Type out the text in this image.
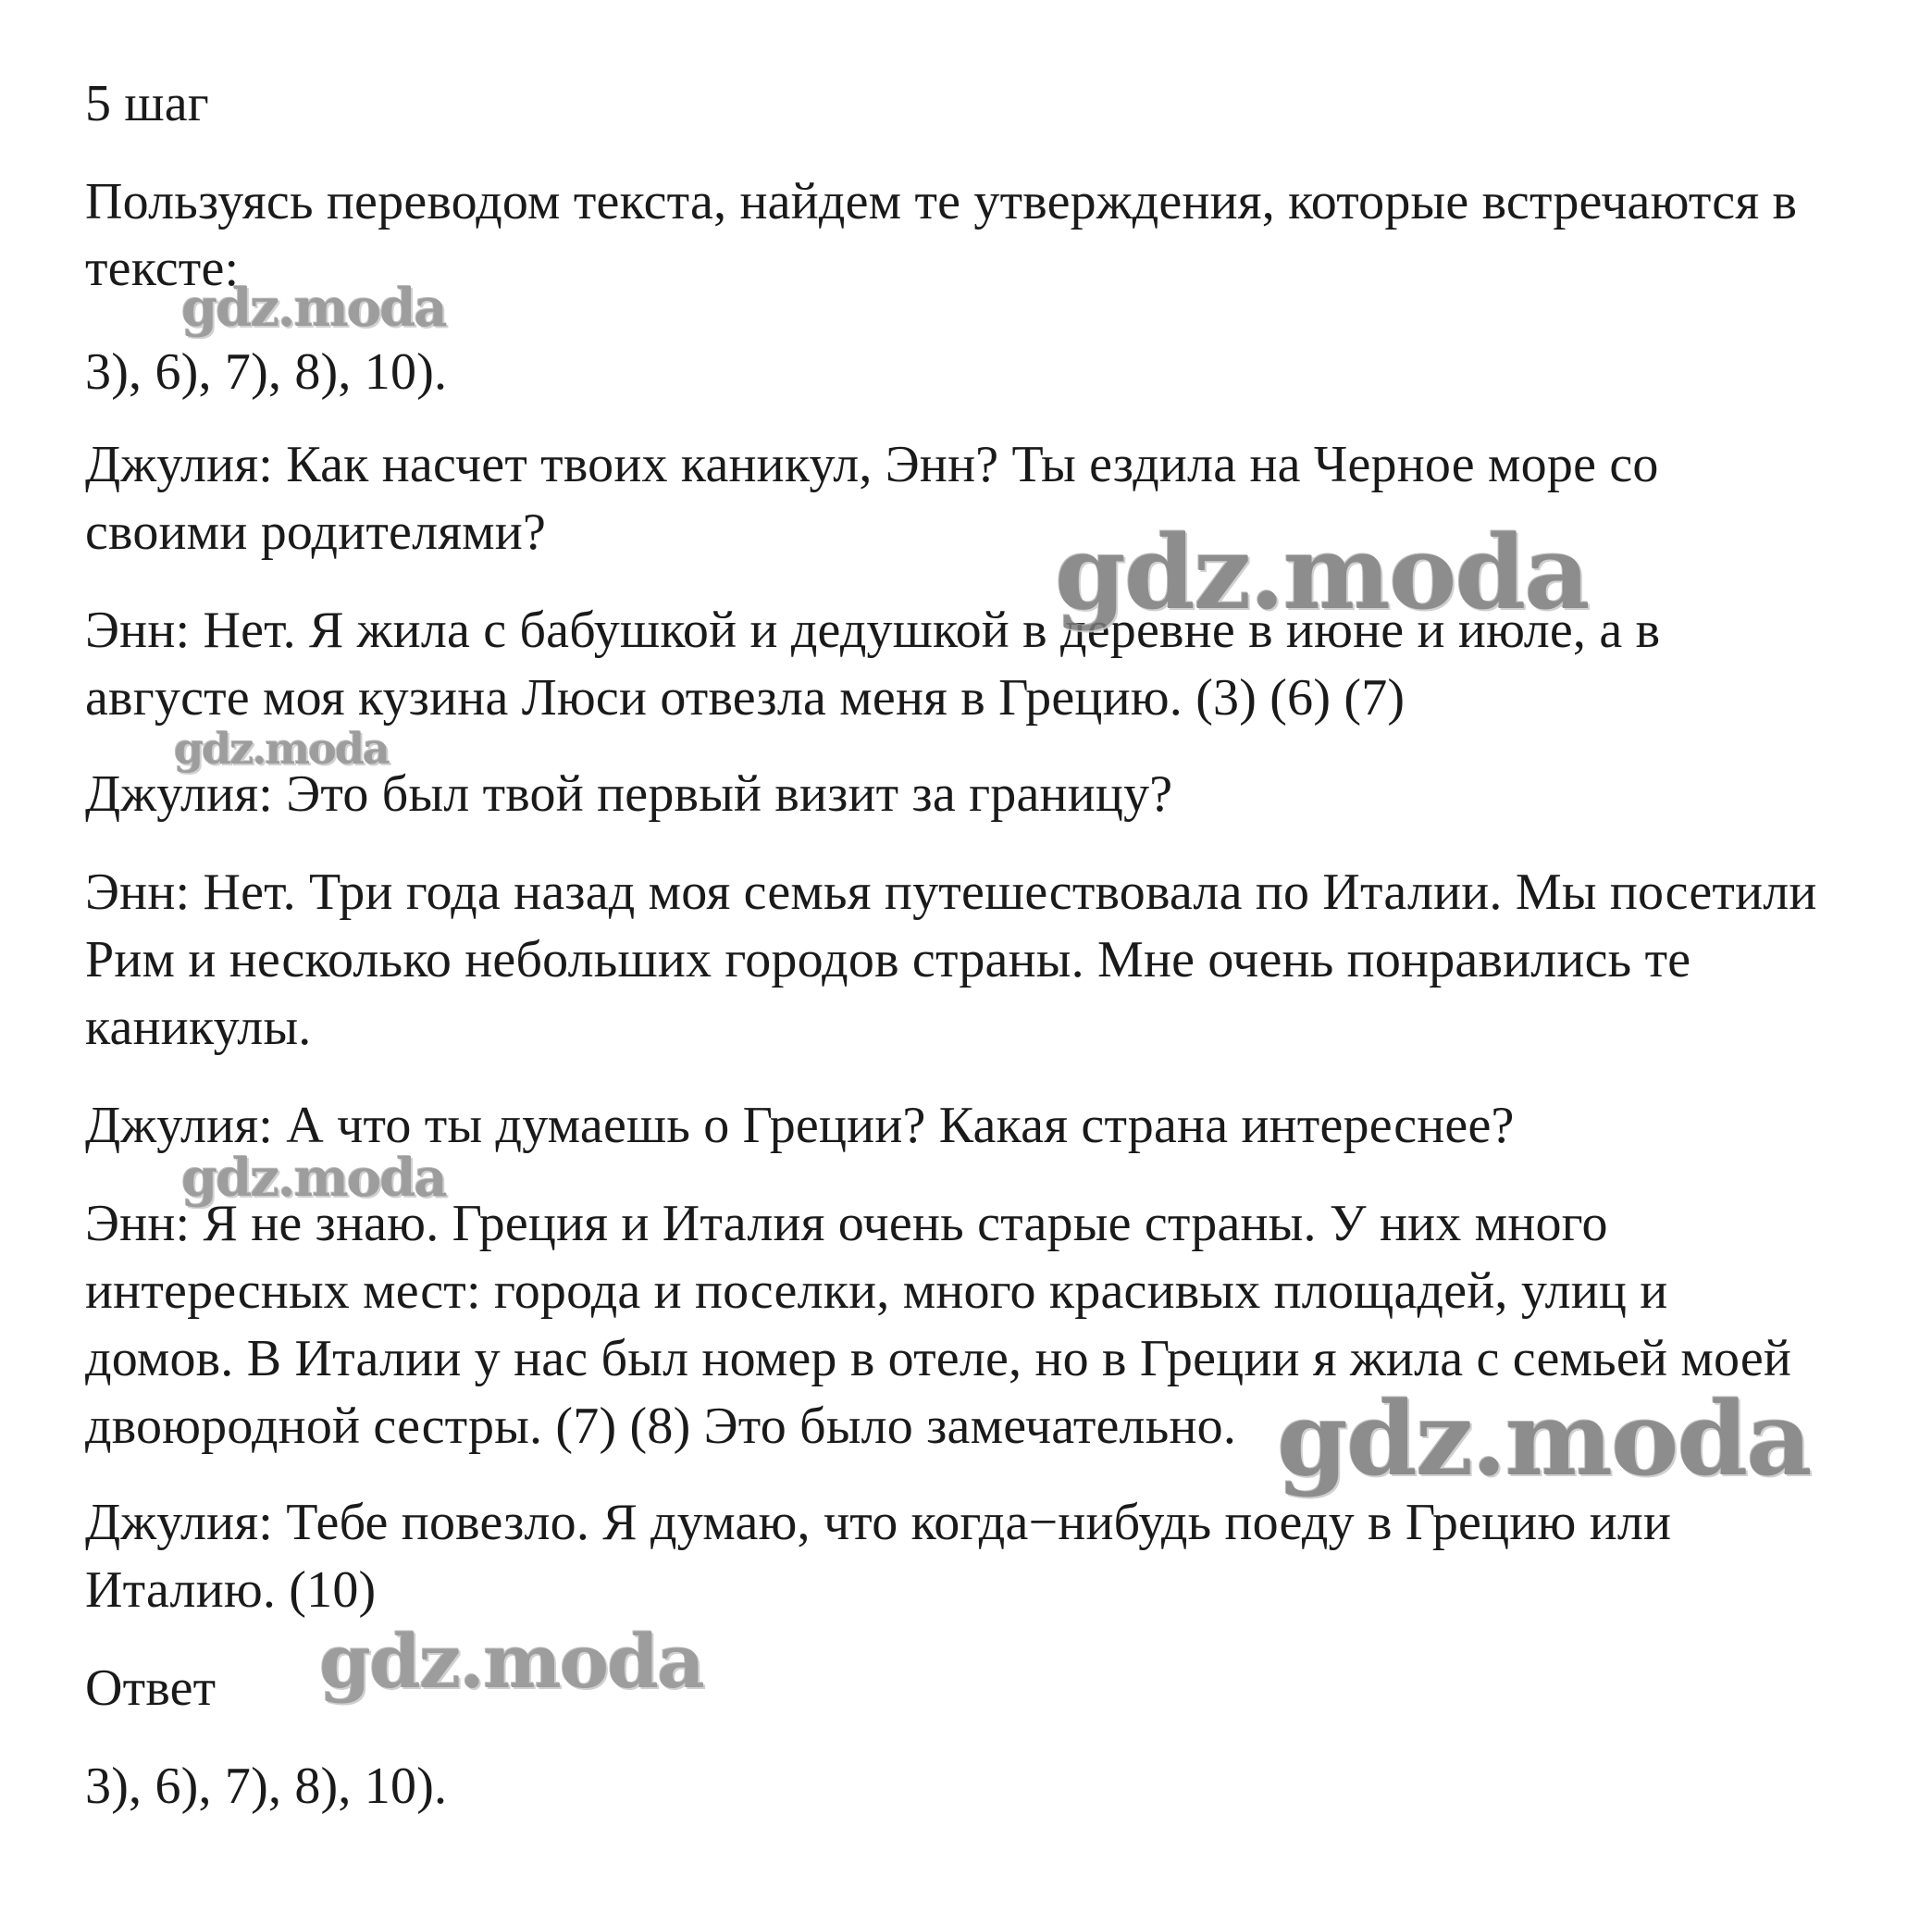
5 шаг
Пользуясь переводом текста, найдем те утверждения, которые встречаются в
тексте:
3), 6), 7), 8), 10).
Джулия: Как насчет твоих каникул, Энн? Ты ездила на Черное море со
своими родителями?
Энн: Нет. Я жила с бабушкой и дедушкой в деревне в июне и июле, а в
августе моя кузина Люси отвезла меня в Грецию. (3) (6) (7)
Джулия: Это был твой первый визит за границу?
Энн: Нет. Три года назад моя семья путешествовала по Италии. Мы посетили
Рим и несколько небольших городов страны. Мне очень понравились те
каникулы.
Джулия: А что ты думаешь о Греции? Какая страна интереснее?
Энн: Я не знаю. Греция и Италия очень старые страны. У них много
интересных мест: города и поселки, много красивых площадей, улиц и
домов. В Италии у нас был номер в отеле, но в Греции я жила с семьей моей
двоюродной сестры. (7) (8) Это было замечательно.
Джулия: Тебе повезло. Я думаю, что когда−нибудь поеду в Грецию или
Италию. (10)
Ответ
3), 6), 7), 8), 10).
gdz.moda
gdz.moda
gdz.moda
gdz.moda
gdz.moda
gdz.moda
